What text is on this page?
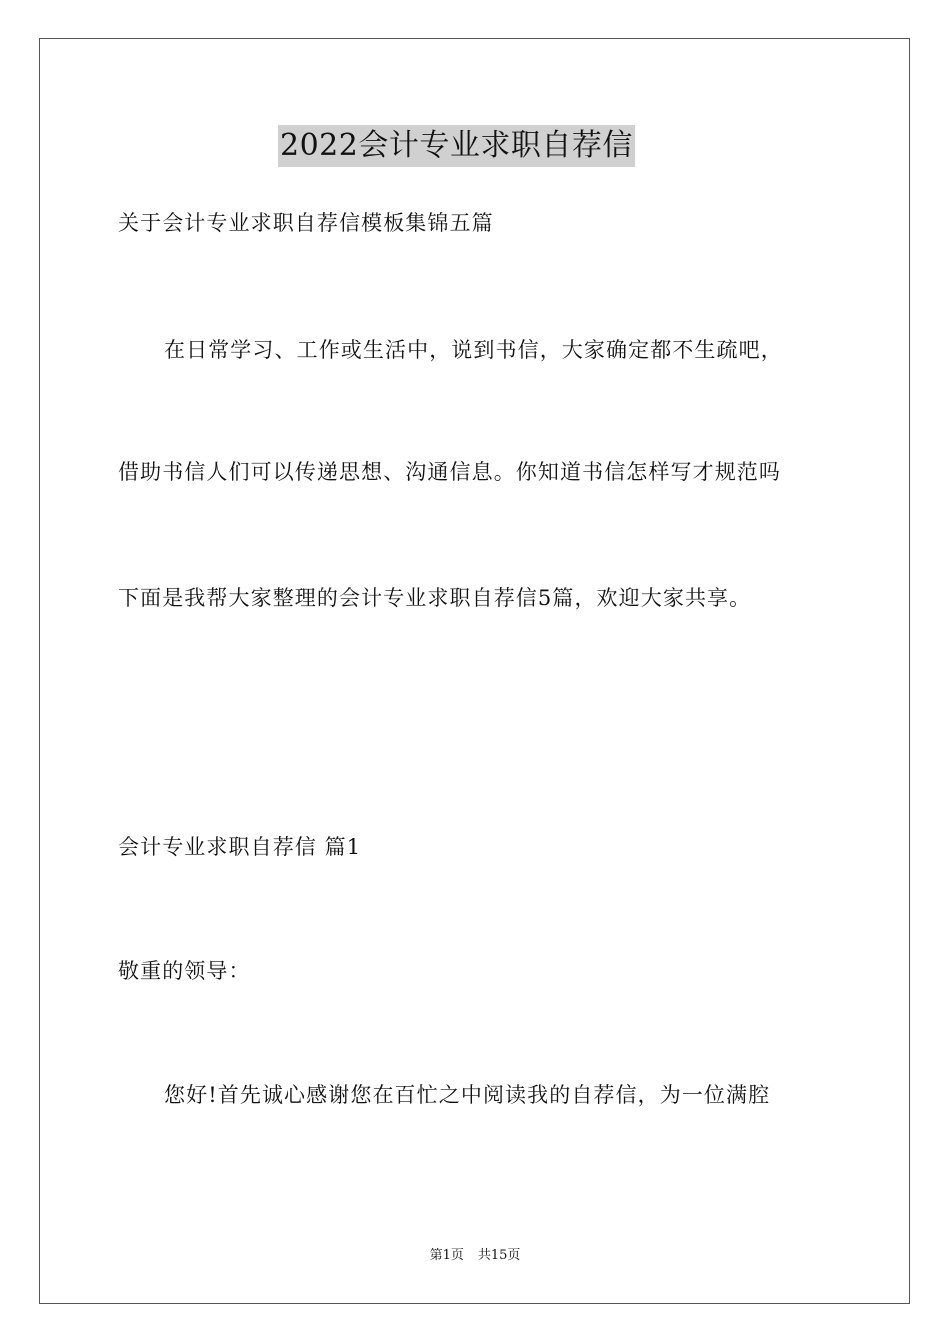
2022会计专业求职自荐信
关于会计专业求职自荐信模板集锦五篇
在日常学习、工作或生活中，说到书信，大家确定都不生疏吧，
借助书信人们可以传递思想、沟通信息。你知道书信怎样写才规范吗
下面是我帮大家整理的会计专业求职自荐信5篇，欢迎大家共享。
会计专业求职自荐信 篇1
敬重的领导：
您好!首先诚心感谢您在百忙之中阅读我的自荐信，为一位满腔
第1页 共15页
